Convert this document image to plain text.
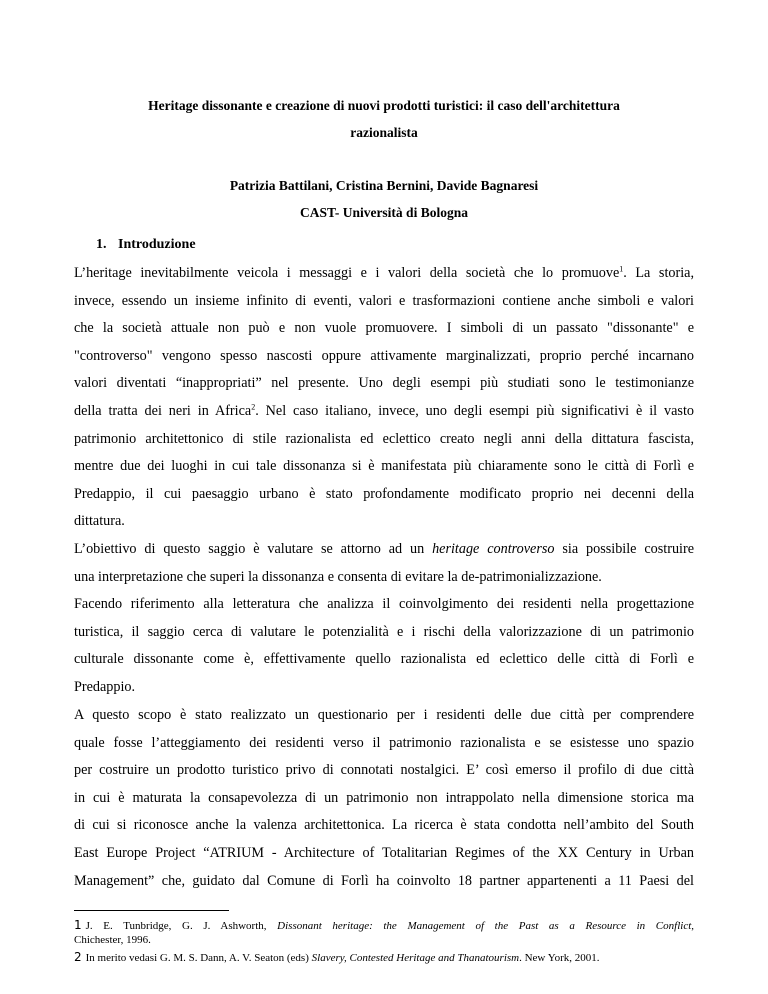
Heritage dissonante e creazione di nuovi prodotti turistici: il caso dell'architettura
razionalista
Patrizia Battilani, Cristina Bernini, Davide Bagnaresi
CAST- Università di Bologna
1. Introduzione
L’heritage inevitabilmente veicola i messaggi e i valori della società che lo promuove$^1$. La storia,
invece, essendo un insieme infinito di eventi, valori e trasformazioni contiene anche simboli e valori
che la società attuale non può e non vuole promuovere. I simboli di un passato "dissonante" e
"controverso" vengono spesso nascosti oppure attivamente marginalizzati, proprio perché incarnano
valori diventati “inappropriati” nel presente. Uno degli esempi più studiati sono le testimonianze
della tratta dei neri in Africa$^2$. Nel caso italiano, invece, uno degli esempi più significativi è il vasto
patrimonio architettonico di stile razionalista ed eclettico creato negli anni della dittatura fascista,
mentre due dei luoghi in cui tale dissonanza si è manifestata più chiaramente sono le città di Forlì e
Predappio, il cui paesaggio urbano è stato profondamente modificato proprio nei decenni della
dittatura.
L’obiettivo di questo saggio è valutare se attorno ad un heritage controverso sia possibile costruire
una interpretazione che superi la dissonanza e consenta di evitare la de-patrimonializzazione.
Facendo riferimento alla letteratura che analizza il coinvolgimento dei residenti nella progettazione
turistica, il saggio cerca di valutare le potenzialità e i rischi della valorizzazione di un patrimonio
culturale dissonante come è, effettivamente quello razionalista ed eclettico delle città di Forlì e
Predappio.
A questo scopo è stato realizzato un questionario per i residenti delle due città per comprendere
quale fosse l’atteggiamento dei residenti verso il patrimonio razionalista e se esistesse uno spazio
per costruire un prodotto turistico privo di connotati nostalgici. E’ così emerso il profilo di due città
in cui è maturata la consapevolezza di un patrimonio non intrappolato nella dimensione storica ma
di cui si riconosce anche la valenza architettonica. La ricerca è stata condotta nell’ambito del South
East Europe Project “ATRIUM - Architecture of Totalitarian Regimes of the XX Century in Urban
Management” che, guidato dal Comune di Forlì ha coinvolto 18 partner appartenenti a 11 Paesi del
1 J. E. Tunbridge, G. J. Ashworth, Dissonant heritage: the Management of the Past as a Resource in Conflict,
Chichester, 1996.
2 In merito vedasi G. M. S. Dann, A. V. Seaton (eds) Slavery, Contested Heritage and Thanatourism. New York, 2001.
